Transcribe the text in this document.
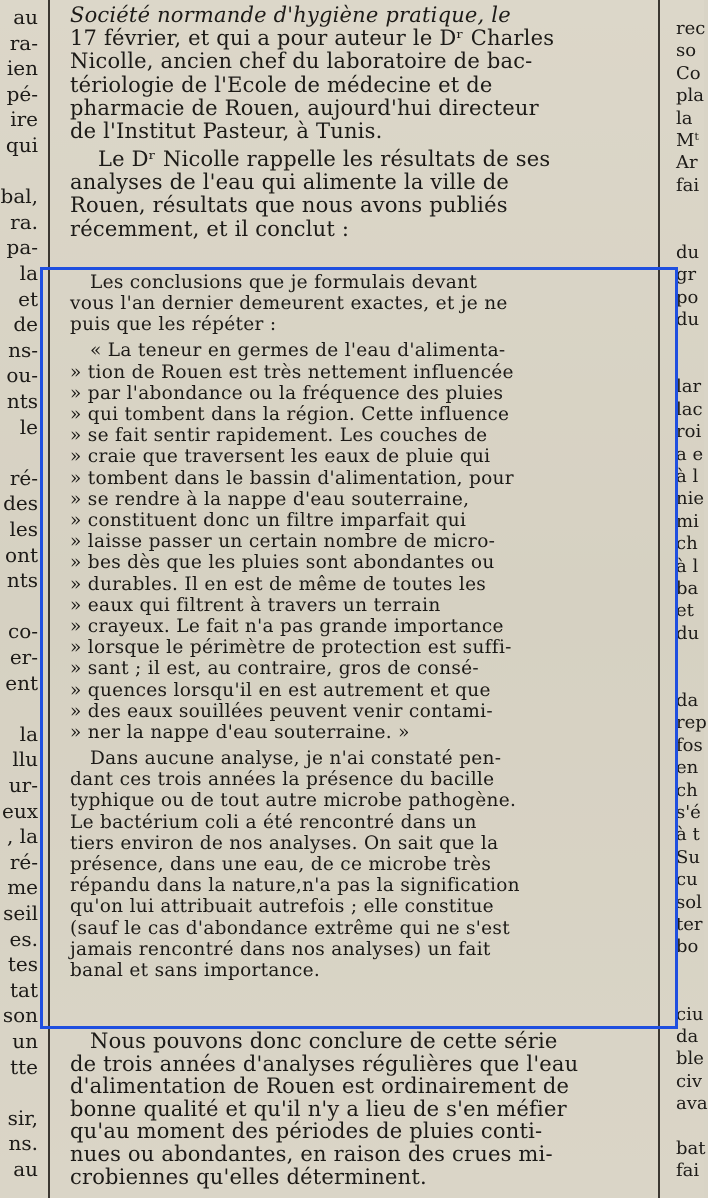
au
ra-
ien
pé-
ire
qui
bal,
ra.
pa-
la
et
de
ns-
ou-
nts
le
ré-
des
les
ont
nts
co-
er-
ent
la
llu
ur-
eux
, la
ré-
me
seil
es.
tes
tat
son
un
tte
sir,
ns.
au
Société normande d'hygiène pratique, le
17 février, et qui a pour auteur le Dʳ Charles
Nicolle, ancien chef du laboratoire de bac-
tériologie de l'Ecole de médecine et de
pharmacie de Rouen, aujourd'hui directeur
de l'Institut Pasteur, à Tunis.
Le Dʳ Nicolle rappelle les résultats de ses
analyses de l'eau qui alimente la ville de
Rouen, résultats que nous avons publiés
récemment, et il conclut :
Les conclusions que je formulais devant
vous l'an dernier demeurent exactes, et je ne
puis que les répéter :
« La teneur en germes de l'eau d'alimenta-
» tion de Rouen est très nettement influencée
» par l'abondance ou la fréquence des pluies
» qui tombent dans la région. Cette influence
» se fait sentir rapidement. Les couches de
» craie que traversent les eaux de pluie qui
» tombent dans le bassin d'alimentation, pour
» se rendre à la nappe d'eau souterraine,
» constituent donc un filtre imparfait qui
» laisse passer un certain nombre de micro-
» bes dès que les pluies sont abondantes ou
» durables. Il en est de même de toutes les
» eaux qui filtrent à travers un terrain
» crayeux. Le fait n'a pas grande importance
» lorsque le périmètre de protection est suffi-
» sant ; il est, au contraire, gros de consé-
» quences lorsqu'il en est autrement et que
» des eaux souillées peuvent venir contami-
» ner la nappe d'eau souterraine. »
Dans aucune analyse, je n'ai constaté pen-
dant ces trois années la présence du bacille
typhique ou de tout autre microbe pathogène.
Le bactérium coli a été rencontré dans un
tiers environ de nos analyses. On sait que la
présence, dans une eau, de ce microbe très
répandu dans la nature,n'a pas la signification
qu'on lui attribuait autrefois ; elle constitue
(sauf le cas d'abondance extrême qui ne s'est
jamais rencontré dans nos analyses) un fait
banal et sans importance.
Nous pouvons donc conclure de cette série
de trois années d'analyses régulières que l'eau
d'alimentation de Rouen est ordinairement de
bonne qualité et qu'il n'y a lieu de s'en méfier
qu'au moment des périodes de pluies conti-
nues ou abondantes, en raison des crues mi-
crobiennes qu'elles déterminent.
rec
so
Co
pla
la
Mᵗ
Ar
fai
du
gr
po
du
lar
lac
roi
a e
à l
nie
mi
ch
à l
ba
et
du
da
rep
fos
en
ch
s'é
à t
Su
cu
sol
ter
bo
ciu
da
ble
civ
ava
bat
fai
